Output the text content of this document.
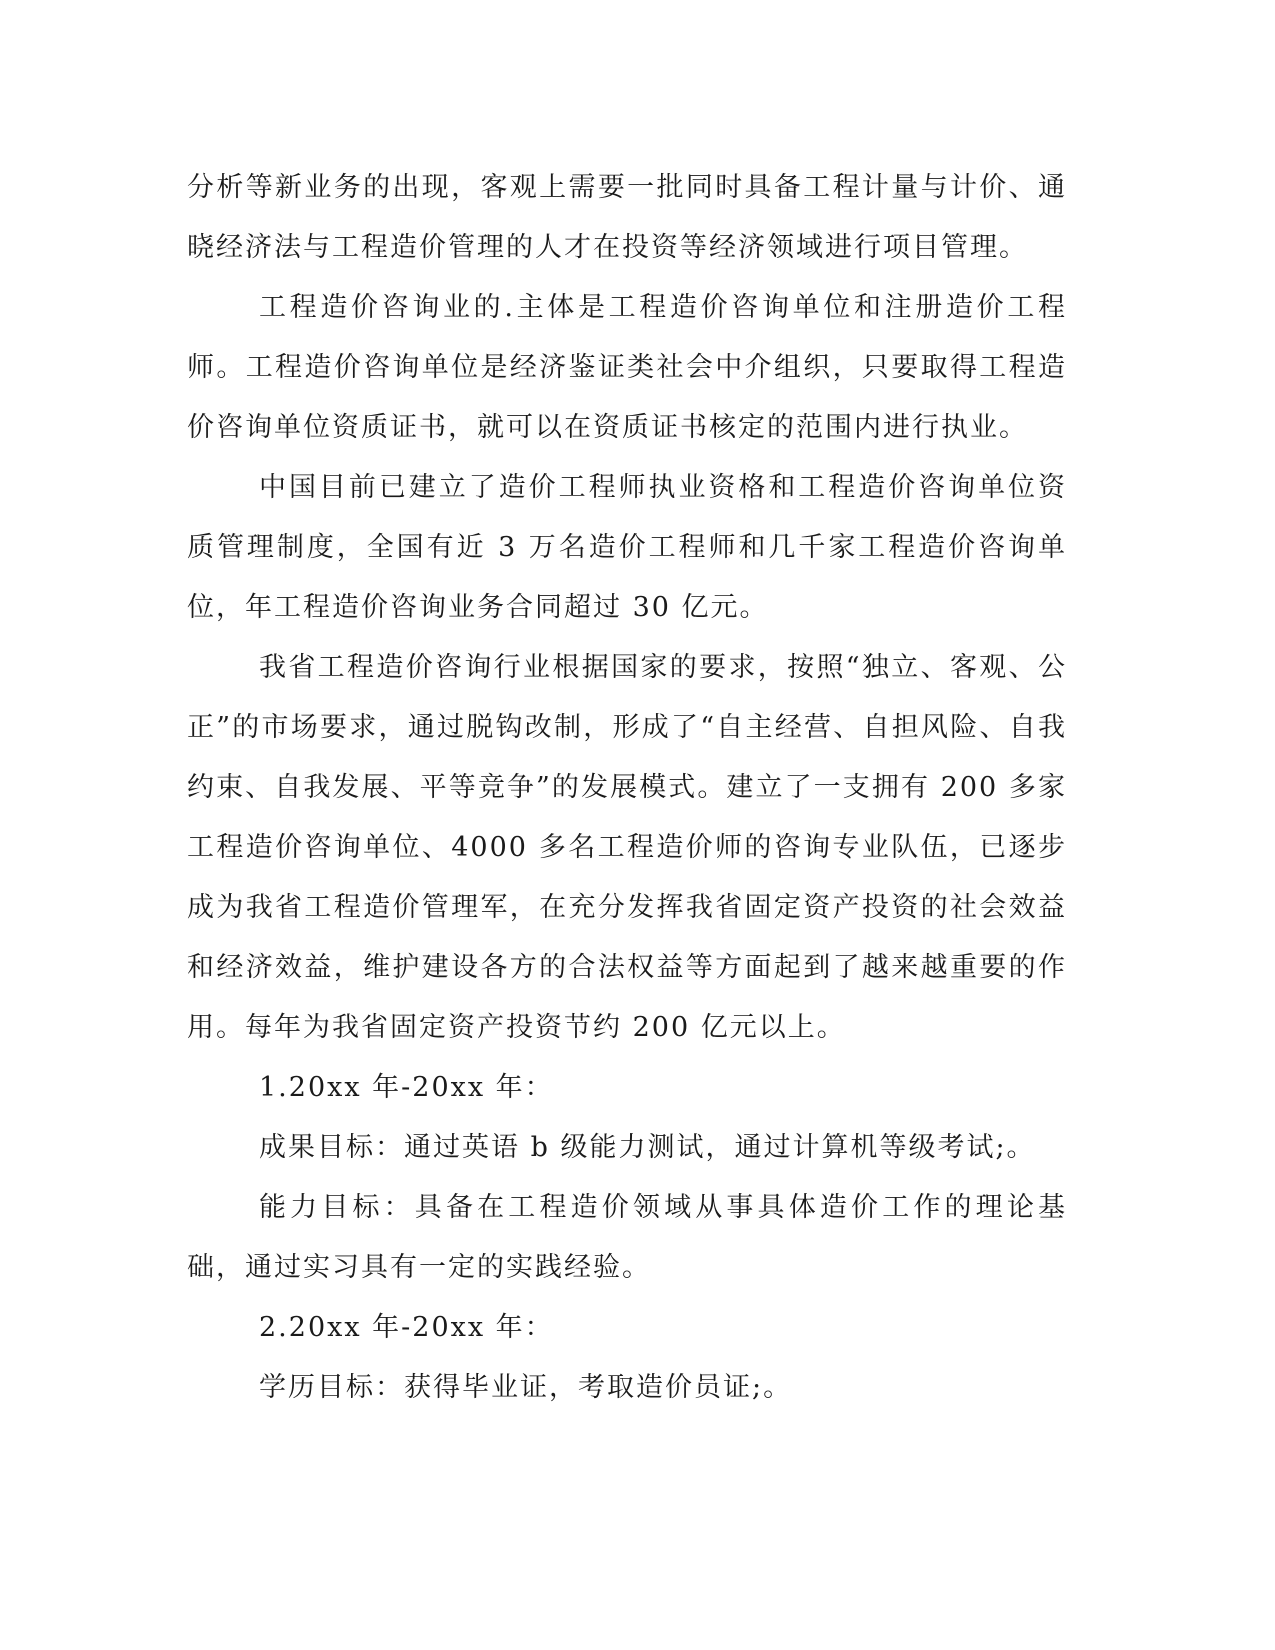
分析等新业务的出现，客观上需要一批同时具备工程计量与计价、通晓经济法与工程造价管理的人才在投资等经济领域进行项目管理。

工程造价咨询业的.主体是工程造价咨询单位和注册造价工程师。工程造价咨询单位是经济鉴证类社会中介组织，只要取得工程造价咨询单位资质证书，就可以在资质证书核定的范围内进行执业。

中国目前已建立了造价工程师执业资格和工程造价咨询单位资质管理制度，全国有近 3 万名造价工程师和几千家工程造价咨询单位，年工程造价咨询业务合同超过 30 亿元。

我省工程造价咨询行业根据国家的要求，按照“独立、客观、公正”的市场要求，通过脱钩改制，形成了“自主经营、自担风险、自我约束、自我发展、平等竞争”的发展模式。建立了一支拥有 200 多家工程造价咨询单位、4000 多名工程造价师的咨询专业队伍，已逐步成为我省工程造价管理军，在充分发挥我省固定资产投资的社会效益和经济效益，维护建设各方的合法权益等方面起到了越来越重要的作用。每年为我省固定资产投资节约 200 亿元以上。

1.20xx 年-20xx 年：

成果目标：通过英语 b 级能力测试，通过计算机等级考试;。

能力目标：具备在工程造价领域从事具体造价工作的理论基础，通过实习具有一定的实践经验。

2.20xx 年-20xx 年：

学历目标：获得毕业证，考取造价员证;。
